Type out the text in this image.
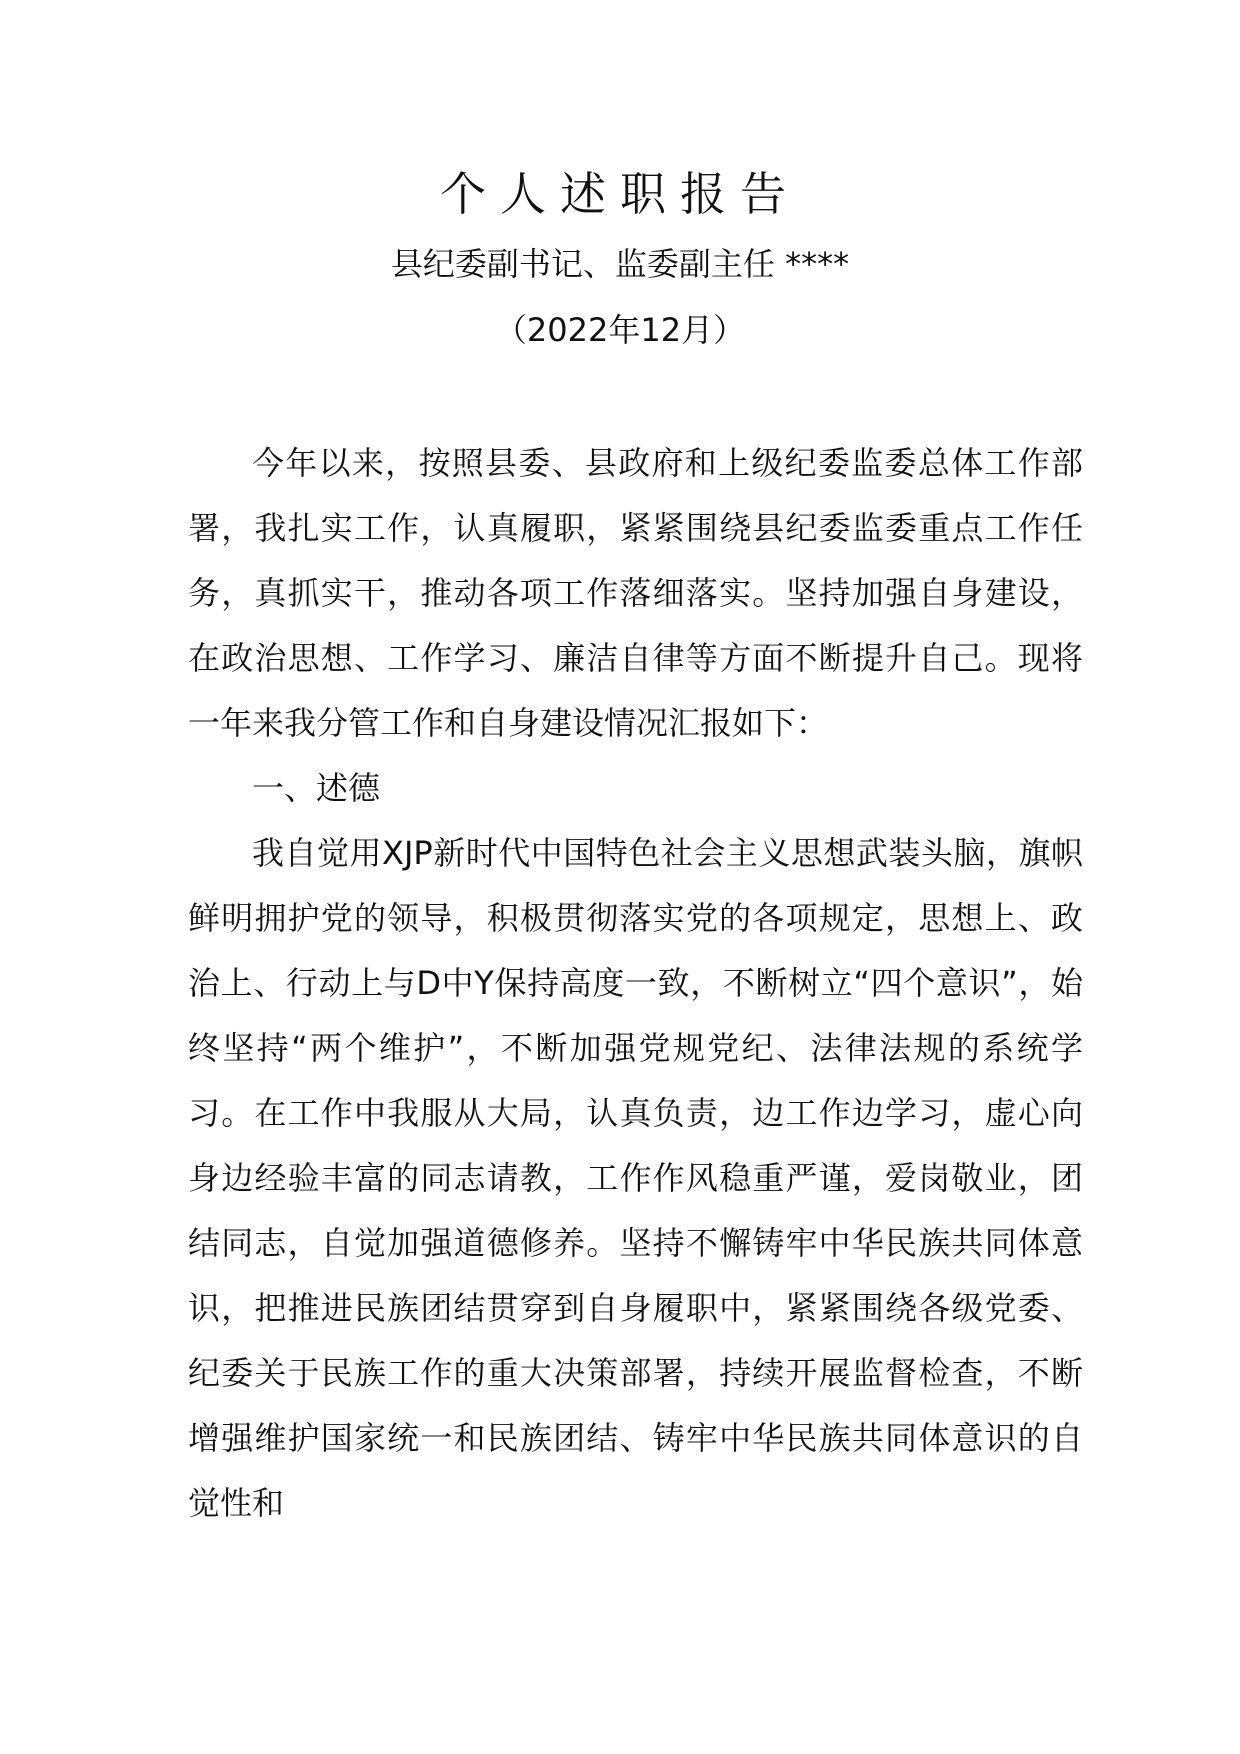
个人述职报告
县纪委副书记、监委副主任 ****
（2022年12月）

今年以来，按照县委、县政府和上级纪委监委总体工作部署，我扎实工作，认真履职，紧紧围绕县纪委监委重点工作任务，真抓实干，推动各项工作落细落实。坚持加强自身建设，在政治思想、工作学习、廉洁自律等方面不断提升自己。现将一年来我分管工作和自身建设情况汇报如下：

一、述德

我自觉用XJP新时代中国特色社会主义思想武装头脑，旗帜鲜明拥护党的领导，积极贯彻落实党的各项规定，思想上、政治上、行动上与D中Y保持高度一致，不断树立“四个意识”，始终坚持“两个维护”，不断加强党规党纪、法律法规的系统学习。在工作中我服从大局，认真负责，边工作边学习，虚心向身边经验丰富的同志请教，工作作风稳重严谨，爱岗敬业，团结同志，自觉加强道德修养。坚持不懈铸牢中华民族共同体意识，把推进民族团结贯穿到自身履职中，紧紧围绕各级党委、纪委关于民族工作的重大决策部署，持续开展监督检查，不断增强维护国家统一和民族团结、铸牢中华民族共同体意识的自觉性和
